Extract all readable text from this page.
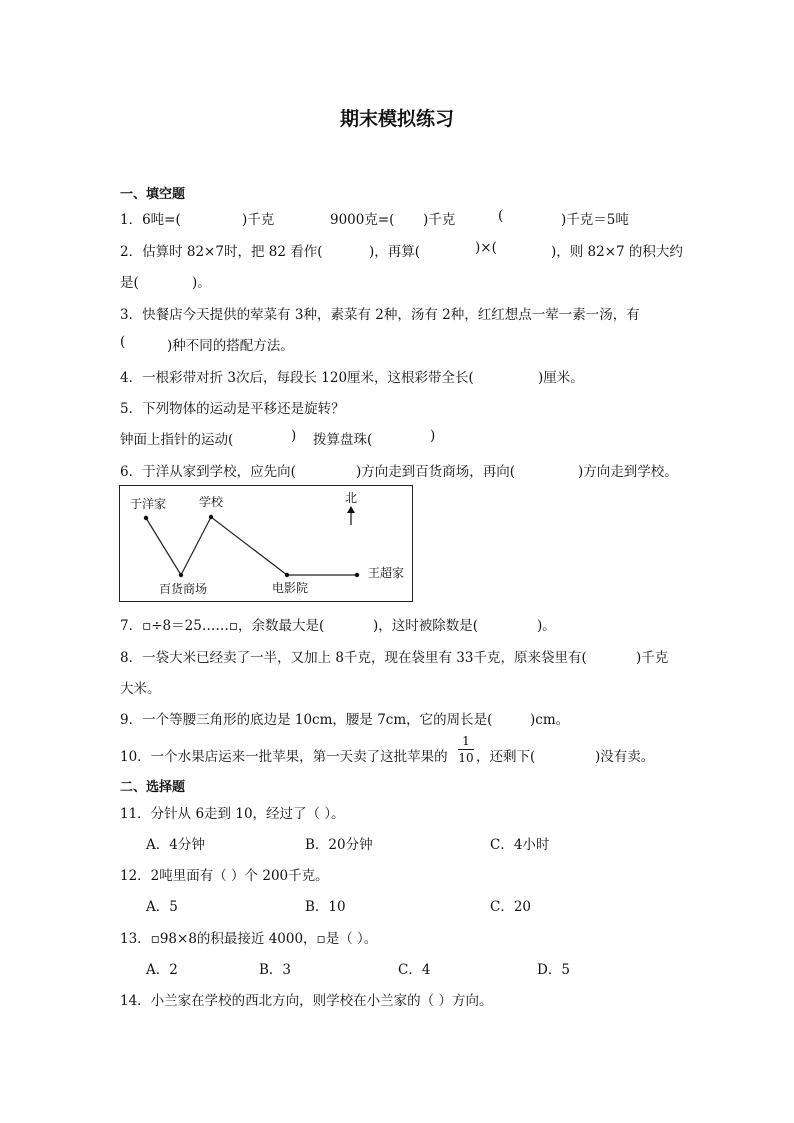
期末模拟练习
一、填空题
1．6吨=(	)千克	9000克=( )千克	(	)千克＝5吨
2．估算时 82×7时，把 82 看作(	)，再算(	)×(	)，则 82×7 的积大约
是(	)。
3．快餐店今天提供的荤菜有 3种，素菜有 2种，汤有 2种，红红想点一荤一素一汤，有
(	)种不同的搭配方法。
4．一根彩带对折 3次后，每段长 120厘米，这根彩带全长(	)厘米。
5．下列物体的运动是平移还是旋转？
钟面上指针的运动(	) 拨算盘珠(	)
6．于洋从家到学校，应先向(	)方向走到百货商场，再向(	)方向走到学校。
于洋家	学校
百货商场	电影院
王超家
北
7．▫÷8＝25……▫，余数最大是(	)，这时被除数是(	)。
8．一袋大米已经卖了一半，又加上 8千克，现在袋里有 33千克，原来袋里有(	)千克
大米。
9．一个等腰三角形的底边是 10cm，腰是 7cm，它的周长是(	)cm。
10．一个水果店运来一批苹果，第一天卖了这批苹果的
1
10 ，还剩下(	)没有卖。
二、选择题
11．分针从 6走到 10，经过了（ ）。
A．4分钟	B．20分钟	C．4小时
12．2吨里面有（ ）个 200千克。
A．5	B．10	C．20
13．▫98×8的积最接近 4000，▫是（ ）。
A．2	B．3	C．4	D．5
14．小兰家在学校的西北方向，则学校在小兰家的（ ）方向。
